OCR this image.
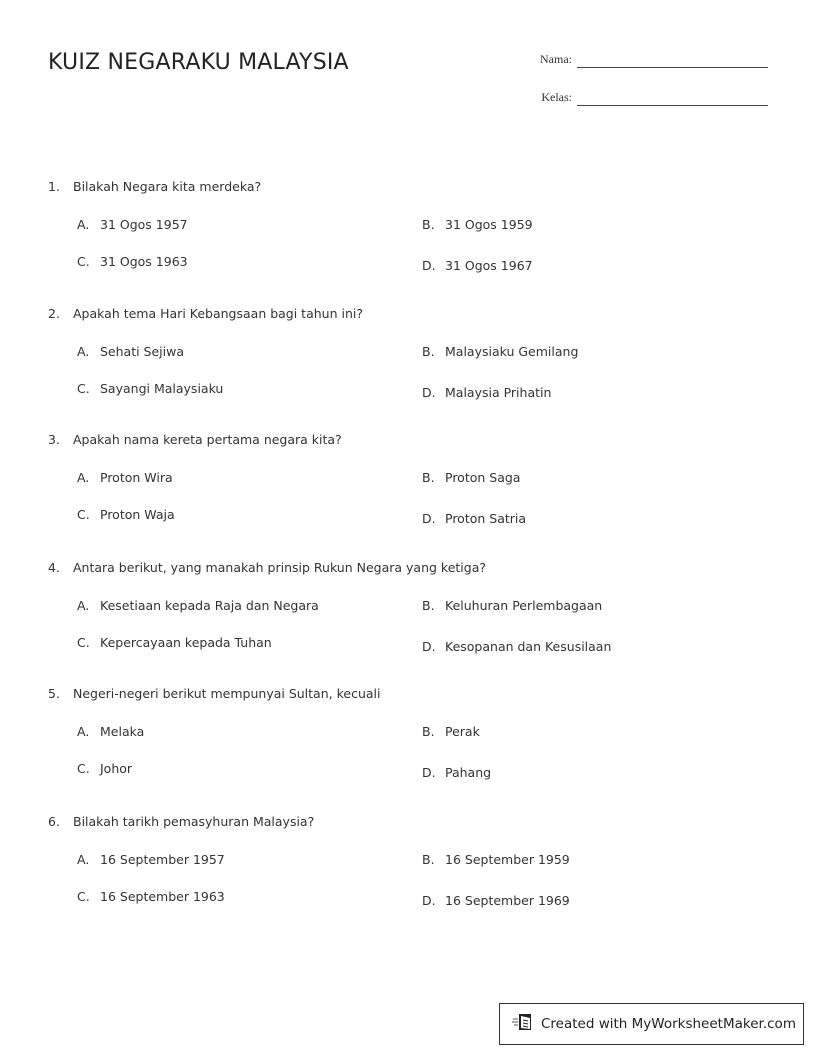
KUIZ NEGARAKU MALAYSIA	Nama:
Kelas:
1. Bilakah Negara kita merdeka?
A. 31 Ogos 1957	B. 31 Ogos 1959
C. 31 Ogos 1963	D. 31 Ogos 1967
2. Apakah tema Hari Kebangsaan bagi tahun ini?
A. Sehati Sejiwa	B. Malaysiaku Gemilang
C. Sayangi Malaysiaku	D. Malaysia Prihatin
3. Apakah nama kereta pertama negara kita?
A. Proton Wira	B. Proton Saga
C. Proton Waja	D. Proton Satria
4. Antara berikut, yang manakah prinsip Rukun Negara yang ketiga?
A. Kesetiaan kepada Raja dan Negara	B. Keluhuran Perlembagaan
C. Kepercayaan kepada Tuhan	D. Kesopanan dan Kesusilaan
5. Negeri-negeri berikut mempunyai Sultan, kecuali
A. Melaka	B. Perak
C. Johor	D. Pahang
6. Bilakah tarikh pemasyhuran Malaysia?
A. 16 September 1957	B. 16 September 1959
C. 16 September 1963	D. 16 September 1969
Created with MyWorksheetMaker.com
